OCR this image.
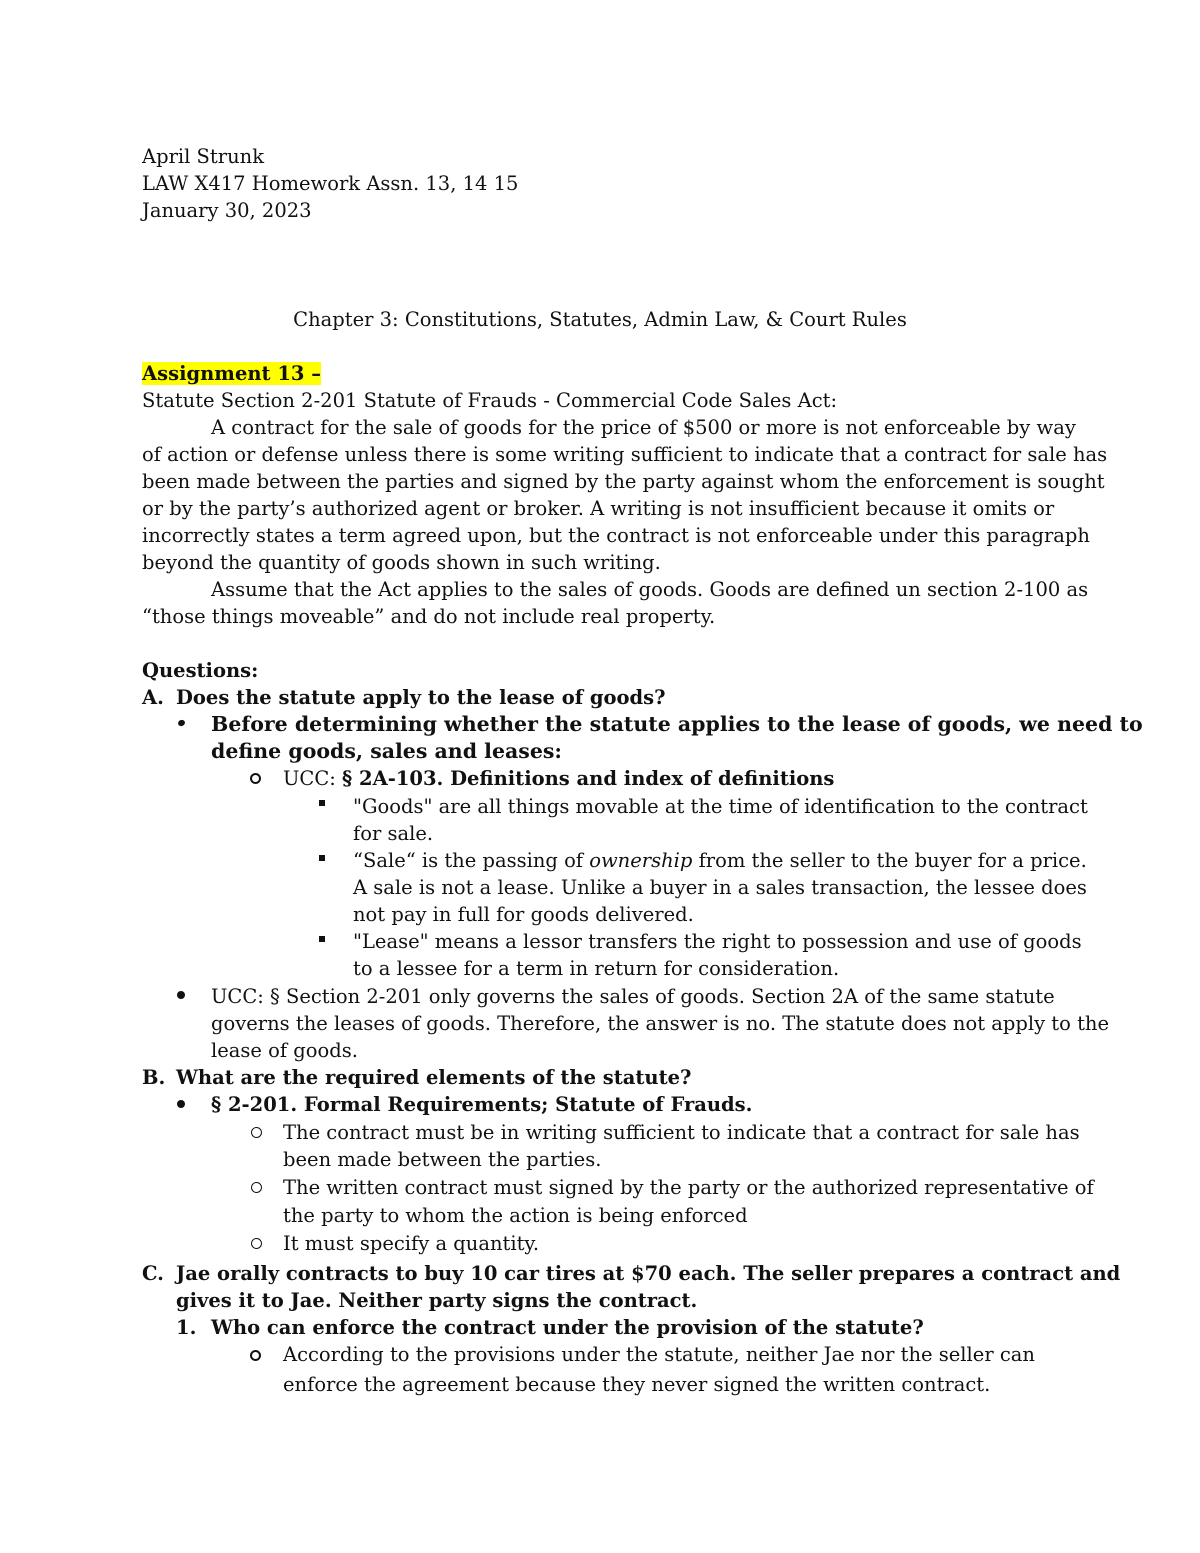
April Strunk
LAW X417 Homework Assn. 13, 14 15
January 30, 2023
Chapter 3: Constitutions, Statutes, Admin Law, & Court Rules
Assignment 13 –
Statute Section 2-201 Statute of Frauds - Commercial Code Sales Act:
A contract for the sale of goods for the price of $500 or more is not enforceable by way
of action or defense unless there is some writing sufficient to indicate that a contract for sale has
been made between the parties and signed by the party against whom the enforcement is sought
or by the party’s authorized agent or broker. A writing is not insufficient because it omits or
incorrectly states a term agreed upon, but the contract is not enforceable under this paragraph
beyond the quantity of goods shown in such writing.
Assume that the Act applies to the sales of goods. Goods are defined un section 2-100 as
“those things moveable” and do not include real property.
Questions:
A. Does the statute apply to the lease of goods?
Before determining whether the statute applies to the lease of goods, we need to
define goods, sales and leases:
UCC: § 2A-103. Definitions and index of definitions
"Goods" are all things movable at the time of identification to the contract
for sale.
“Sale“ is the passing of ownership from the seller to the buyer for a price.
A sale is not a lease. Unlike a buyer in a sales transaction, the lessee does
not pay in full for goods delivered.
"Lease" means a lessor transfers the right to possession and use of goods
to a lessee for a term in return for consideration.
UCC: § Section 2-201 only governs the sales of goods. Section 2A of the same statute
governs the leases of goods. Therefore, the answer is no. The statute does not apply to the
lease of goods.
B. What are the required elements of the statute?
§ 2-201. Formal Requirements; Statute of Frauds.
The contract must be in writing sufficient to indicate that a contract for sale has
been made between the parties.
The written contract must signed by the party or the authorized representative of
the party to whom the action is being enforced
It must specify a quantity.
C. Jae orally contracts to buy 10 car tires at $70 each. The seller prepares a contract and
gives it to Jae. Neither party signs the contract.
1. Who can enforce the contract under the provision of the statute?
According to the provisions under the statute, neither Jae nor the seller can
enforce the agreement because they never signed the written contract.
